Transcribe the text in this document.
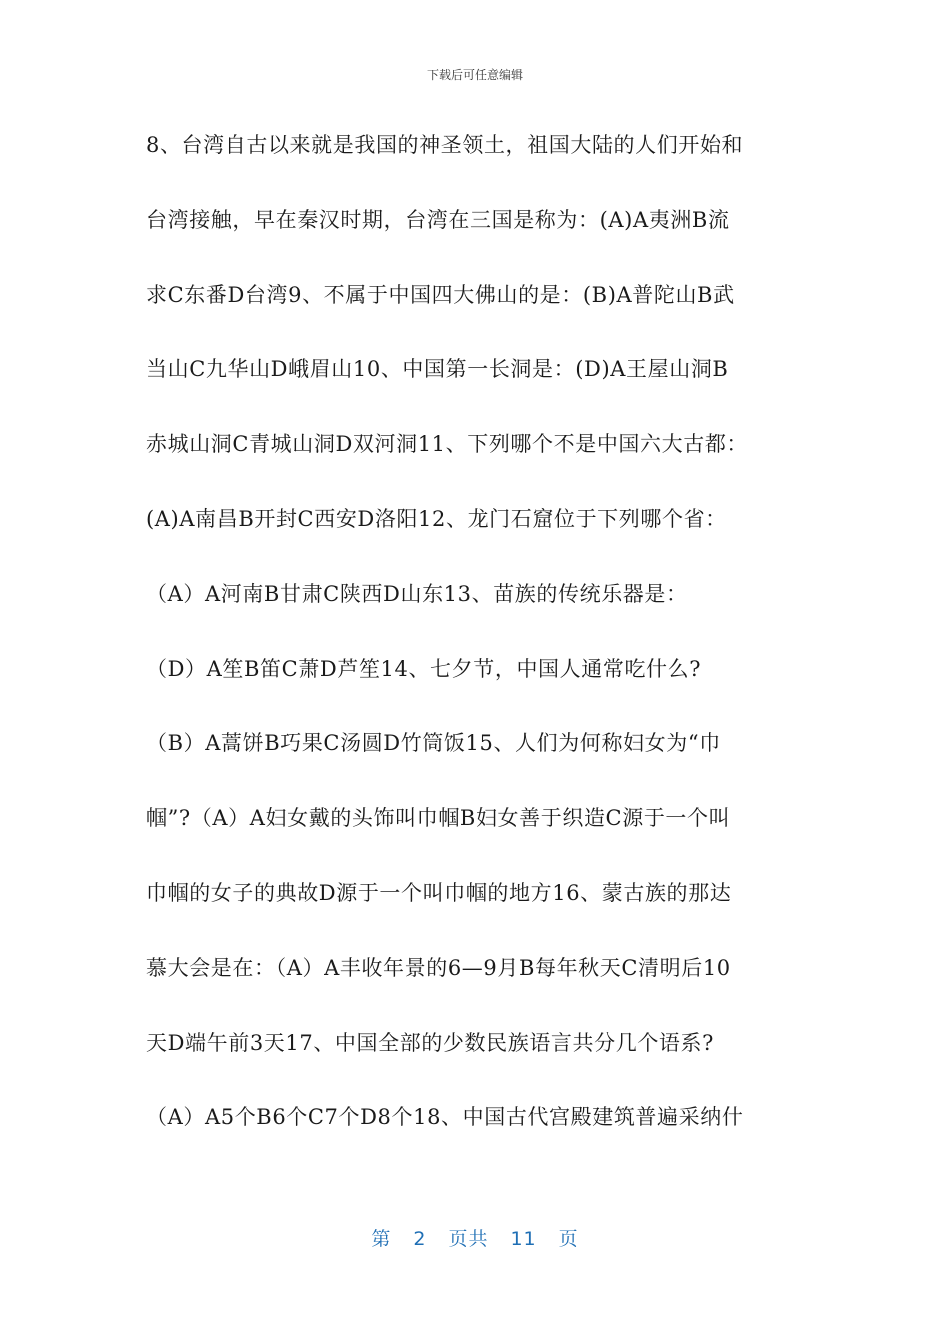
下载后可任意编辑
8、台湾自古以来就是我国的神圣领土，祖国大陆的人们开始和
台湾接触，早在秦汉时期，台湾在三国是称为：(A)A夷洲B流
求C东番D台湾9、不属于中国四大佛山的是：(B)A普陀山B武
当山C九华山D峨眉山10、中国第一长洞是：(D)A王屋山洞B
赤城山洞C青城山洞D双河洞11、下列哪个不是中国六大古都：
(A)A南昌B开封C西安D洛阳12、龙门石窟位于下列哪个省：
（A）A河南B甘肃C陕西D山东13、苗族的传统乐器是：
（D）A笙B笛C萧D芦笙14、七夕节，中国人通常吃什么?
（B）A蒿饼B巧果C汤圆D竹筒饭15、人们为何称妇女为“巾
帼”?（A）A妇女戴的头饰叫巾帼B妇女善于织造C源于一个叫
巾帼的女子的典故D源于一个叫巾帼的地方16、蒙古族的那达
慕大会是在：（A）A丰收年景的6—9月B每年秋天C清明后10
天D端午前3天17、中国全部的少数民族语言共分几个语系?
（A）A5个B6个C7个D8个18、中国古代宫殿建筑普遍采纳什
第 2 页共 11 页
